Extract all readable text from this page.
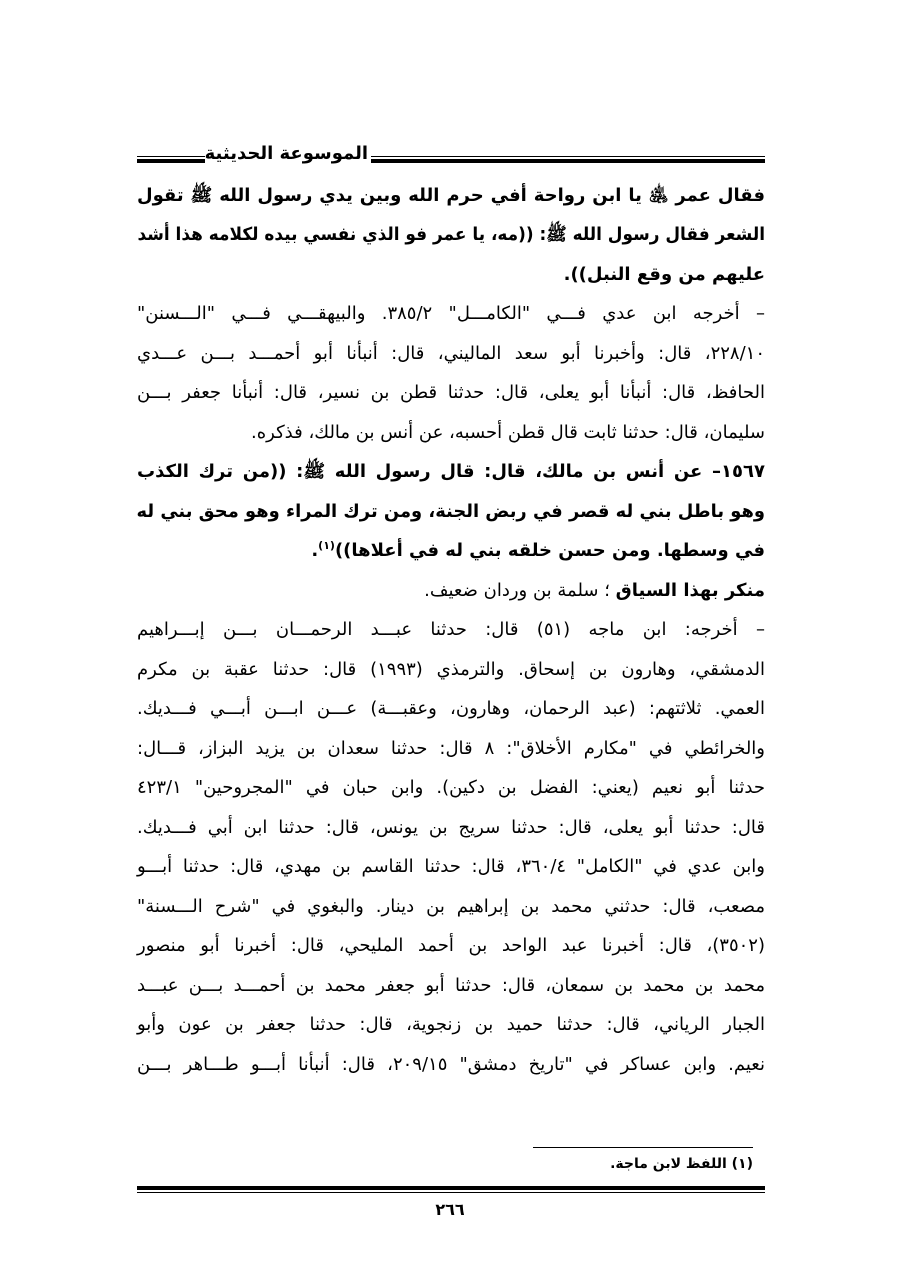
الموسوعة الحديثية
فقال عمر ﵁ يا ابن رواحة أفي حرم الله وبين يدي رسول الله ﷺ تقول
الشعر فقال رسول الله ﷺ: ((مه، يا عمر فو الذي نفسي بيده لكلامه هذا أشد
عليهم من وقع النبل)).
– أخرجه ابن عدي فـــي "الكامـــل" ٣٨٥/٢. والبيهقـــي فـــي "الـــسنن"
٢٢٨/١٠، قال: وأخبرنا أبو سعد الماليني، قال: أنبأنا أبو أحمـــد بـــن عـــدي
الحافظ، قال: أنبأنا أبو يعلى، قال: حدثنا قطن بن نسير، قال: أنبأنا جعفر بـــن
سليمان، قال: حدثنا ثابت قال قطن أحسبه، عن أنس بن مالك، فذكره.
١٥٦٧– عن أنس بن مالك، قال: قال رسول الله ﷺ: ((من ترك الكذب
وهو باطل بني له قصر في ربض الجنة، ومن ترك المراء وهو محق بني له
في وسطها. ومن حسن خلقه بني له في أعلاها))$^{(١)}$.
منكر بهذا السياق ؛ سلمة بن وردان ضعيف.
– أخرجه: ابن ماجه (٥١) قال: حدثنا عبـــد الرحمـــان بـــن إبـــراهيم
الدمشقي، وهارون بن إسحاق. والترمذي (١٩٩٣) قال: حدثنا عقبة بن مكرم
العمي. ثلاثتهم: (عبد الرحمان، وهارون، وعقبـــة) عـــن ابـــن أبـــي فـــديك.
والخرائطي في "مكارم الأخلاق": ٨ قال: حدثنا سعدان بن يزيد البزاز، قـــال:
حدثنا أبو نعيم (يعني: الفضل بن دكين). وابن حبان في "المجروحين" ٤٢٣/١
قال: حدثنا أبو يعلى، قال: حدثنا سريج بن يونس، قال: حدثنا ابن أبي فـــديك.
وابن عدي في "الكامل" ٣٦٠/٤، قال: حدثنا القاسم بن مهدي، قال: حدثنا أبـــو
مصعب، قال: حدثني محمد بن إبراهيم بن دينار. والبغوي في "شرح الـــسنة"
(٣٥٠٢)، قال: أخبرنا عبد الواحد بن أحمد المليحي، قال: أخبرنا أبو منصور
محمد بن محمد بن سمعان، قال: حدثنا أبو جعفر محمد بن أحمـــد بـــن عبـــد
الجبار الرياني، قال: حدثنا حميد بن زنجوية، قال: حدثنا جعفر بن عون وأبو
نعيم. وابن عساكر في "تاريخ دمشق" ٢٠٩/١٥، قال: أنبأنا أبـــو طـــاهر بـــن
(١) اللفظ لابن ماجة.
٢٦٦
